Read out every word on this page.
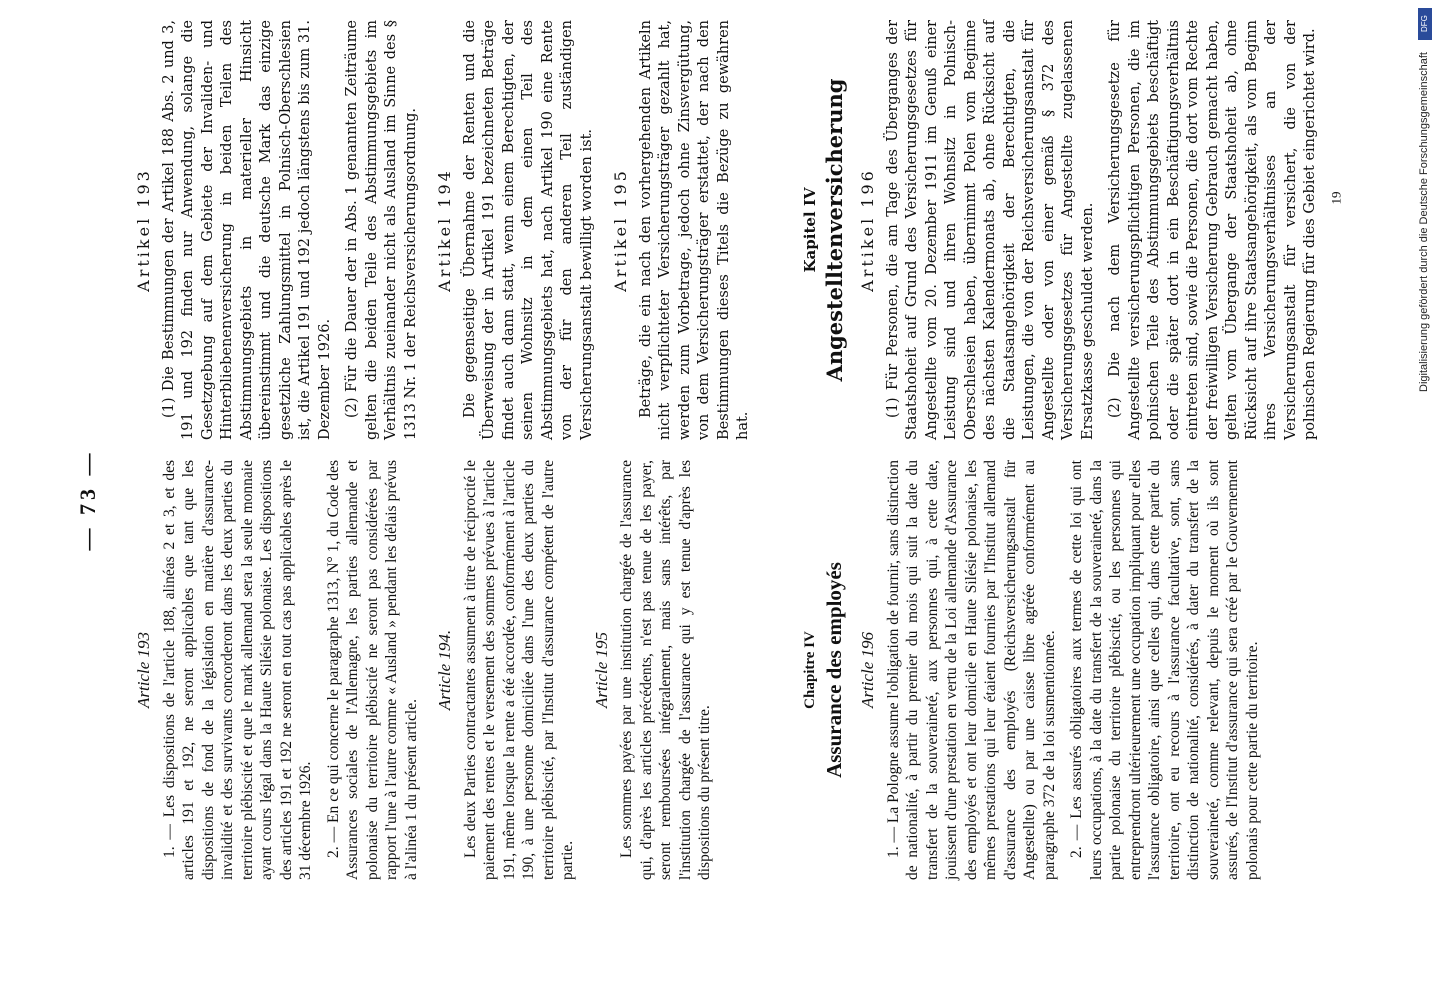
— 73 —
Article 193 1. — Les dispositions de l'article 188, alinéas 2 et 3, et des articles 191 et 192, ne seront applicables que tant que les dispositions de fond de la législation en matière d'assurance-invalidité et des survivants concorderont dans les deux parties du territoire plébiscité et que le mark allemand sera la seule monnaie ayant cours légal dans la Haute Silésie polonaise. Les dispositions des articles 191 et 192 ne seront en tout cas pas applicables après le 31 décembre 1926. 2. — En ce qui concerne le paragraphe 1313, N° 1, du Code des Assurances sociales de l'Allemagne, les parties allemande et polonaise du territoire plébiscité ne seront pas considérées par rapport l'une à l'autre comme « Ausland » pendant les délais prévus à l'alinéa 1 du présent article.

Article 194. Les deux Parties contractantes assument à titre de réciprocité le paiement des rentes et le versement des sommes prévues à l'article 191, même lorsque la rente a été accordée, conformément à l'article 190, à une personne domiciliée dans l'une des deux parties du territoire plébiscité, par l'Institut d'assurance compétent de l'autre partie.

Article 195 Les sommes payées par une institution chargée de l'assurance qui, d'après les articles précédents, n'est pas tenue de les payer, seront remboursées intégralement, mais sans intérêts, par l'institution chargée de l'assurance qui y est tenue d'après les dispositions du présent titre.

Artikel 193 (1) Die Bestimmungen der Artikel 188 Abs. 2 und 3, 191 und 192 finden nur Anwendung, solange die Gesetzgebung auf dem Gebiete der Invaliden- und Hinterbliebenenversicherung in beiden Teilen des Abstimmungsgebiets in materieller Hinsicht übereinstimmt und die deutsche Mark das einzige gesetzliche Zahlungsmittel in Polnisch-Oberschlesien ist, die Artikel 191 und 192 jedoch längstens bis zum 31. Dezember 1926. (2) Für die Dauer der in Abs. 1 genannten Zeiträume gelten die beiden Teile des Abstimmungsgebiets im Verhältnis zueinander nicht als Ausland im Sinne des § 1313 Nr. 1 der Reichsversicherungsordnung. Artikel 194 Die gegenseitige Übernahme der Renten und die Überweisung der in Artikel 191 bezeichneten Beträge findet auch dann statt, wenn einem Berechtigten, der seinen Wohnsitz in dem einen Teil des Abstimmungsgebiets hat, nach Artikel 190 eine Rente von der für den anderen Teil zuständigen Versicherungsanstalt bewilligt worden ist. Artikel 195 Beträge, die ein nach den vorhergehenden Artikeln nicht verpflichteter Versicherungsträger gezahlt hat, werden zum Vorbetrage, jedoch ohne Zinsvergütung, von dem Versicherungsträger erstattet, der nach den Bestimmungen dieses Titels die Bezüge zu gewähren hat.

Chapitre IV Assurance des employés Article 196 1. — La Pologne assume l'obligation de fournir, sans distinction de nationalité, à partir du premier du mois qui suit la date du transfert de la souveraineté, aux personnes qui, à cette date, jouissent d'une prestation en vertu de la Loi allemande d'Assurance des employés et ont leur domicile en Haute Silésie polonaise, les mêmes prestations qui leur étaient fournies par l'Institut allemand d'assurance des employés (Reichsversicherungsanstalt für Angestellte) ou par une caisse libre agréée conformément au paragraphe 372 de la loi susmentionnée. 2. — Les assurés obligatoires aux termes de cette loi qui ont leurs occupations, à la date du transfert de la souveraineté, dans la partie polonaise du territoire plébiscité, ou les personnes qui entreprendront ultérieurement une occupation impliquant pour elles l'assurance obligatoire, ainsi que celles qui, dans cette partie du territoire, ont eu recours à l'assurance facultative, sont, sans distinction de nationalité, considérés, à dater du transfert de la souveraineté, comme relevant, depuis le moment où ils sont assurés, de l'Institut d'assurance qui sera créé par le Gouvernement polonais pour cette partie du territoire.

Kapitel IV Angestelltenversicherung Artikel 196 (1) Für Personen, die am Tage des Überganges der Staatshoheit auf Grund des Versicherungsgesetzes für Angestellte vom 20. Dezember 1911 im Genuß einer Leistung sind und ihren Wohnsitz in Polnisch-Oberschlesien haben, übernimmt Polen vom Beginne des nächsten Kalendermonats ab, ohne Rücksicht auf die Staatsangehörigkeit der Berechtigten, die Leistungen, die von der Reichsversicherungsanstalt für Angestellte oder von einer gemäß § 372 des Versicherungsgesetzes für Angestellte zugelassenen Ersatzkasse geschuldet werden. (2) Die nach dem Versicherungsgesetze für Angestellte versicherungspflichtigen Personen, die im polnischen Teile des Abstimmungsgebiets beschäftigt oder die später dort in ein Beschäftigungsverhältnis eintreten sind, sowie die Personen, die dort vom Rechte der freiwilligen Versicherung Gebrauch gemacht haben, gelten vom Übergange der Staatshoheit ab, ohne Rücksicht auf ihre Staatsangehörigkeit, als vom Beginn ihres Versicherungsverhältnisses an der Versicherungsanstalt für versichert, die von der polnischen Regierung für dies Gebiet eingerichtet wird. 19
DFG
Digitalisierung gefördert durch die Deutsche Forschungsgemeinschaft
